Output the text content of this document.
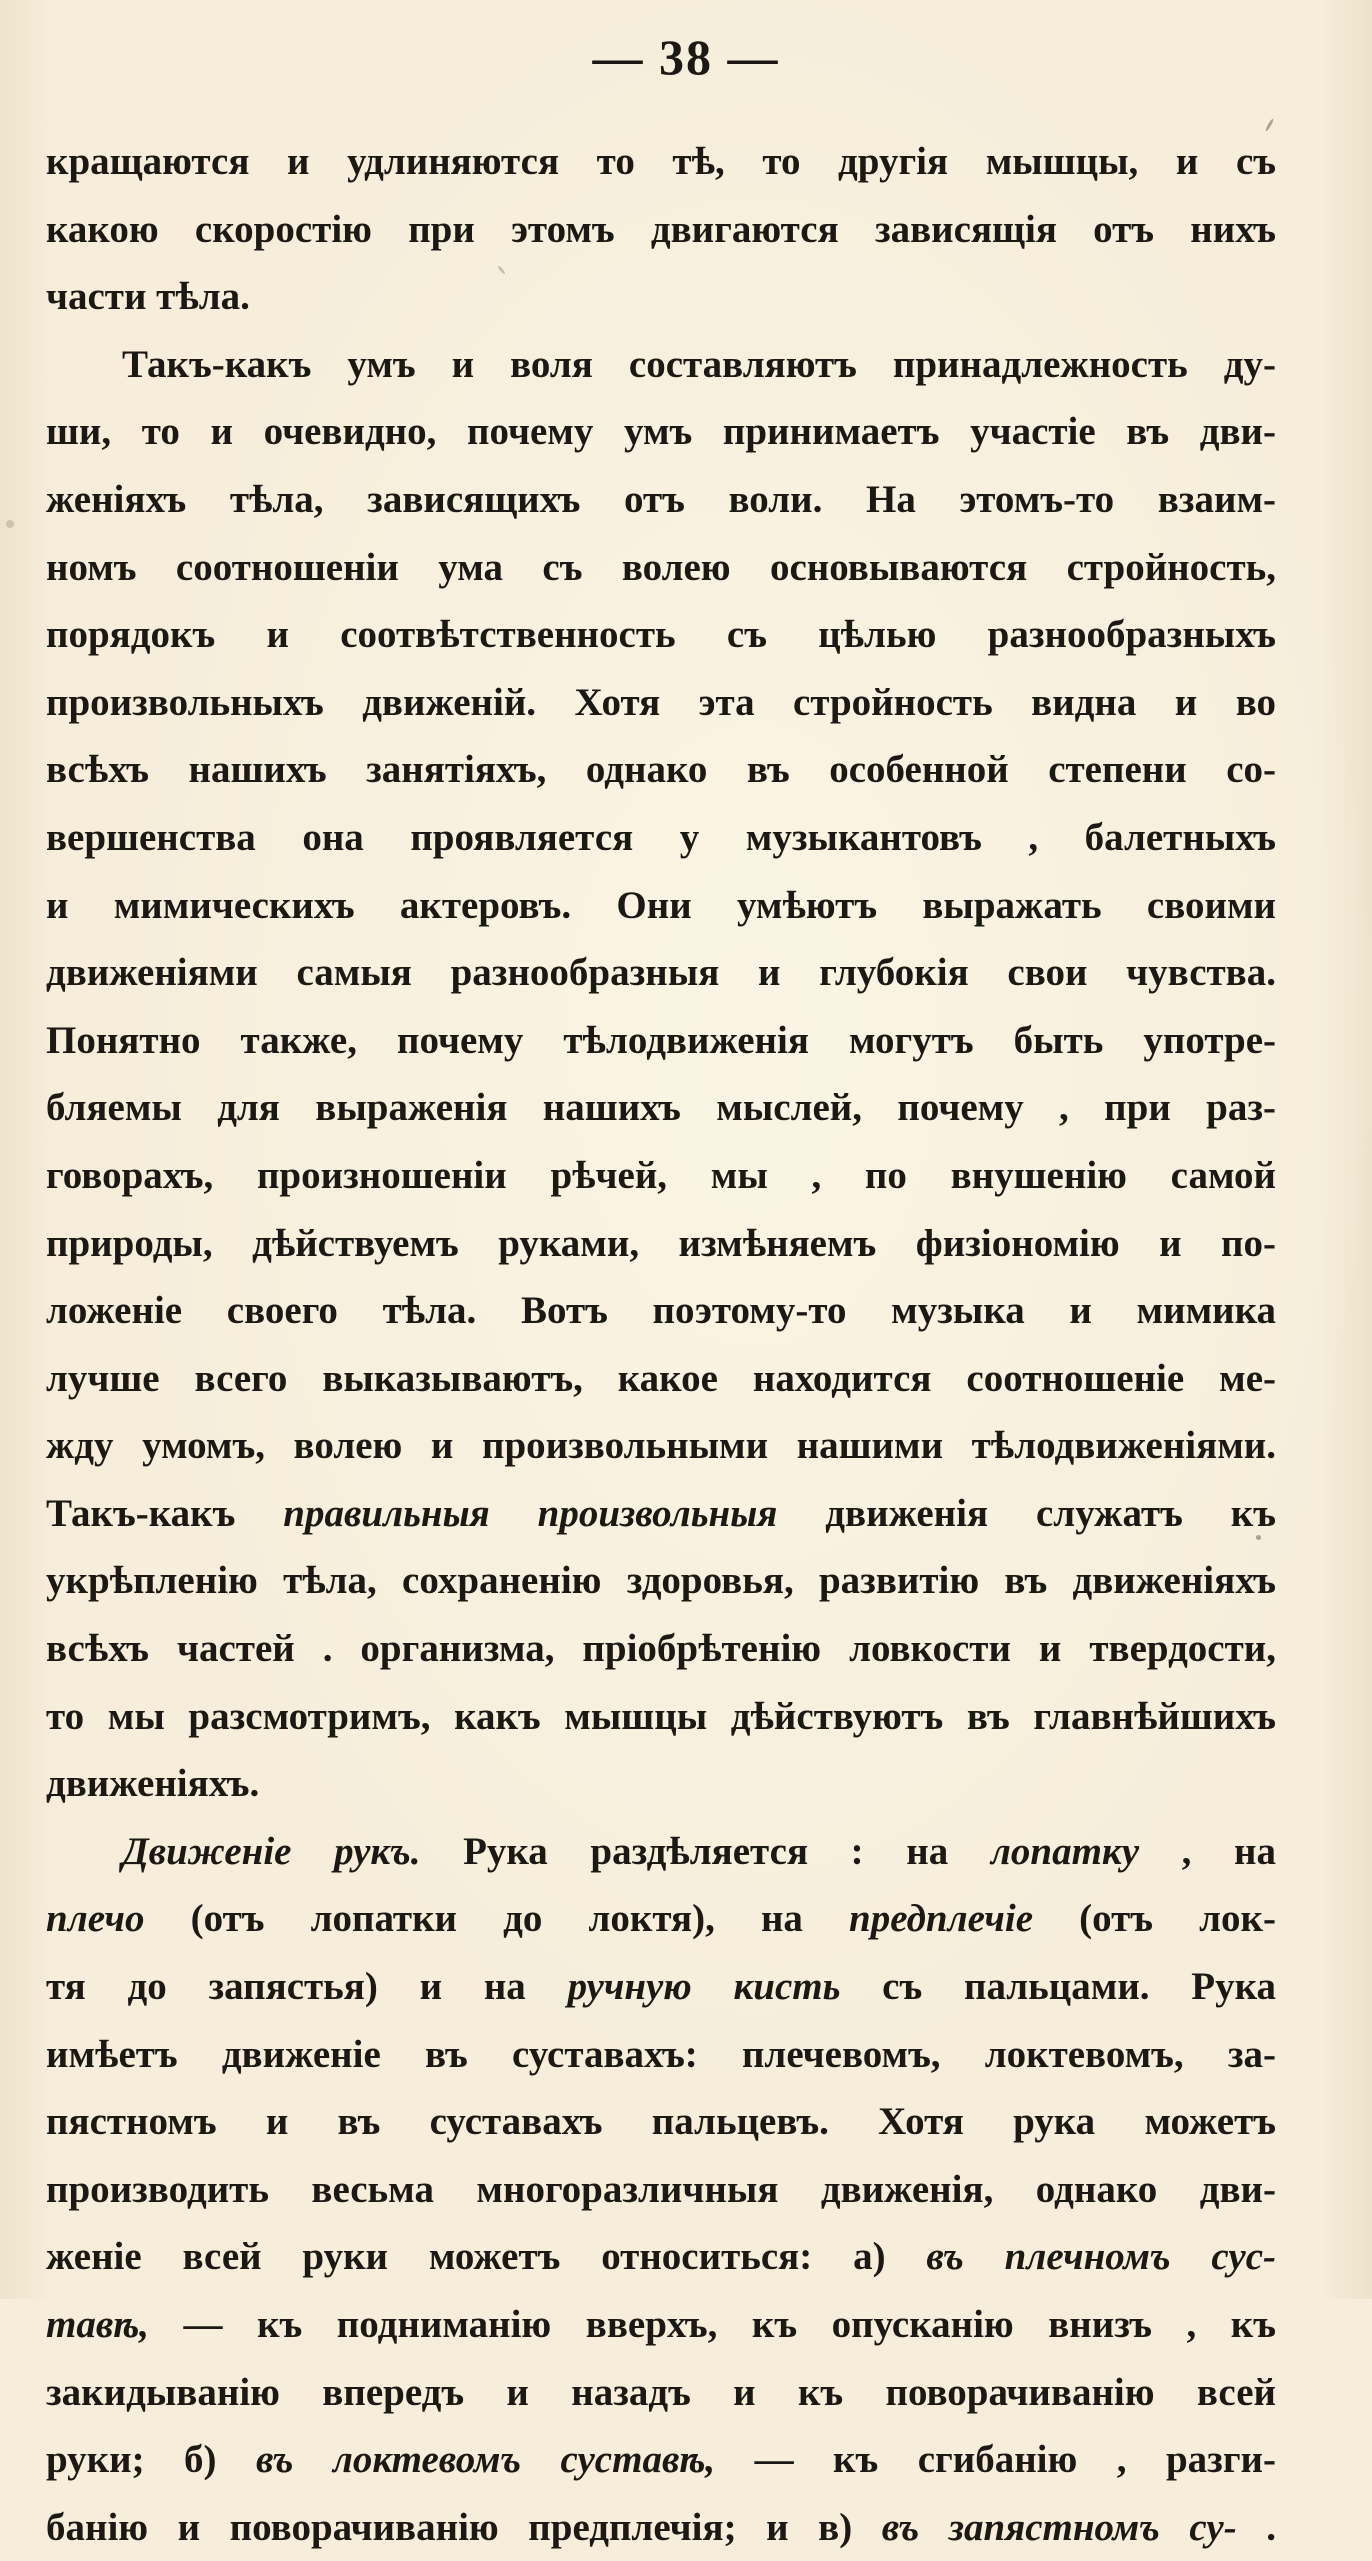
— 38 —
кращаются и удлиняются то тѣ, то другія мышцы, и съ
какою скоростію при этомъ двигаются зависящія отъ нихъ
части тѣла.
Такъ-какъ умъ и воля составляютъ принадлежность ду-
ши, то и очевидно, почему умъ принимаетъ участіе въ дви-
женіяхъ тѣла, зависящихъ отъ воли. На этомъ-то взаим-
номъ соотношеніи ума съ волею основываются стройность,
порядокъ и соотвѣтственность съ цѣлью разнообразныхъ
произвольныхъ движеній. Хотя эта стройность видна и во
всѣхъ нашихъ занятіяхъ, однако въ особенной степени со-
вершенства она проявляется у музыкантовъ , балетныхъ
и мимическихъ актеровъ. Они умѣютъ выражать своими
движеніями самыя разнообразныя и глубокія свои чувства.
Понятно также, почему тѣлодвиженія могутъ быть употре-
бляемы для выраженія нашихъ мыслей, почему , при раз-
говорахъ, произношеніи рѣчей, мы , по внушенію самой
природы, дѣйствуемъ руками, измѣняемъ физіономію и по-
ложеніе своего тѣла. Вотъ поэтому-то музыка и мимика
лучше всего выказываютъ, какое находится соотношеніе ме-
жду умомъ, волею и произвольными нашими тѣлодвиженіями.
Такъ-какъ правильныя произвольныя движенія служатъ къ
укрѣпленію тѣла, сохраненію здоровья, развитію въ движеніяхъ
всѣхъ частей . организма, пріобрѣтенію ловкости и твердости,
то мы разсмотримъ, какъ мышцы дѣйствуютъ въ главнѣйшихъ
движеніяхъ.
Движеніе рукъ. Рука раздѣляется : на лопатку , на
плечо (отъ лопатки до локтя), на предплечіе (отъ лок-
тя до запястья) и на ручную кисть съ пальцами. Рука
имѣетъ движеніе въ суставахъ: плечевомъ, локтевомъ, за-
пястномъ и въ суставахъ пальцевъ. Хотя рука можетъ
производить весьма многоразличныя движенія, однако дви-
женіе всей руки можетъ относиться: а) въ плечномъ сус-
тавѣ, — къ подниманію вверхъ, къ опусканію внизъ , къ
закидыванію впередъ и назадъ и къ поворачиванію всей
руки; б) въ локтевомъ суставѣ, — къ сгибанію , разги-
банію и поворачиванію предплечія; и в) въ запястномъ су- .
